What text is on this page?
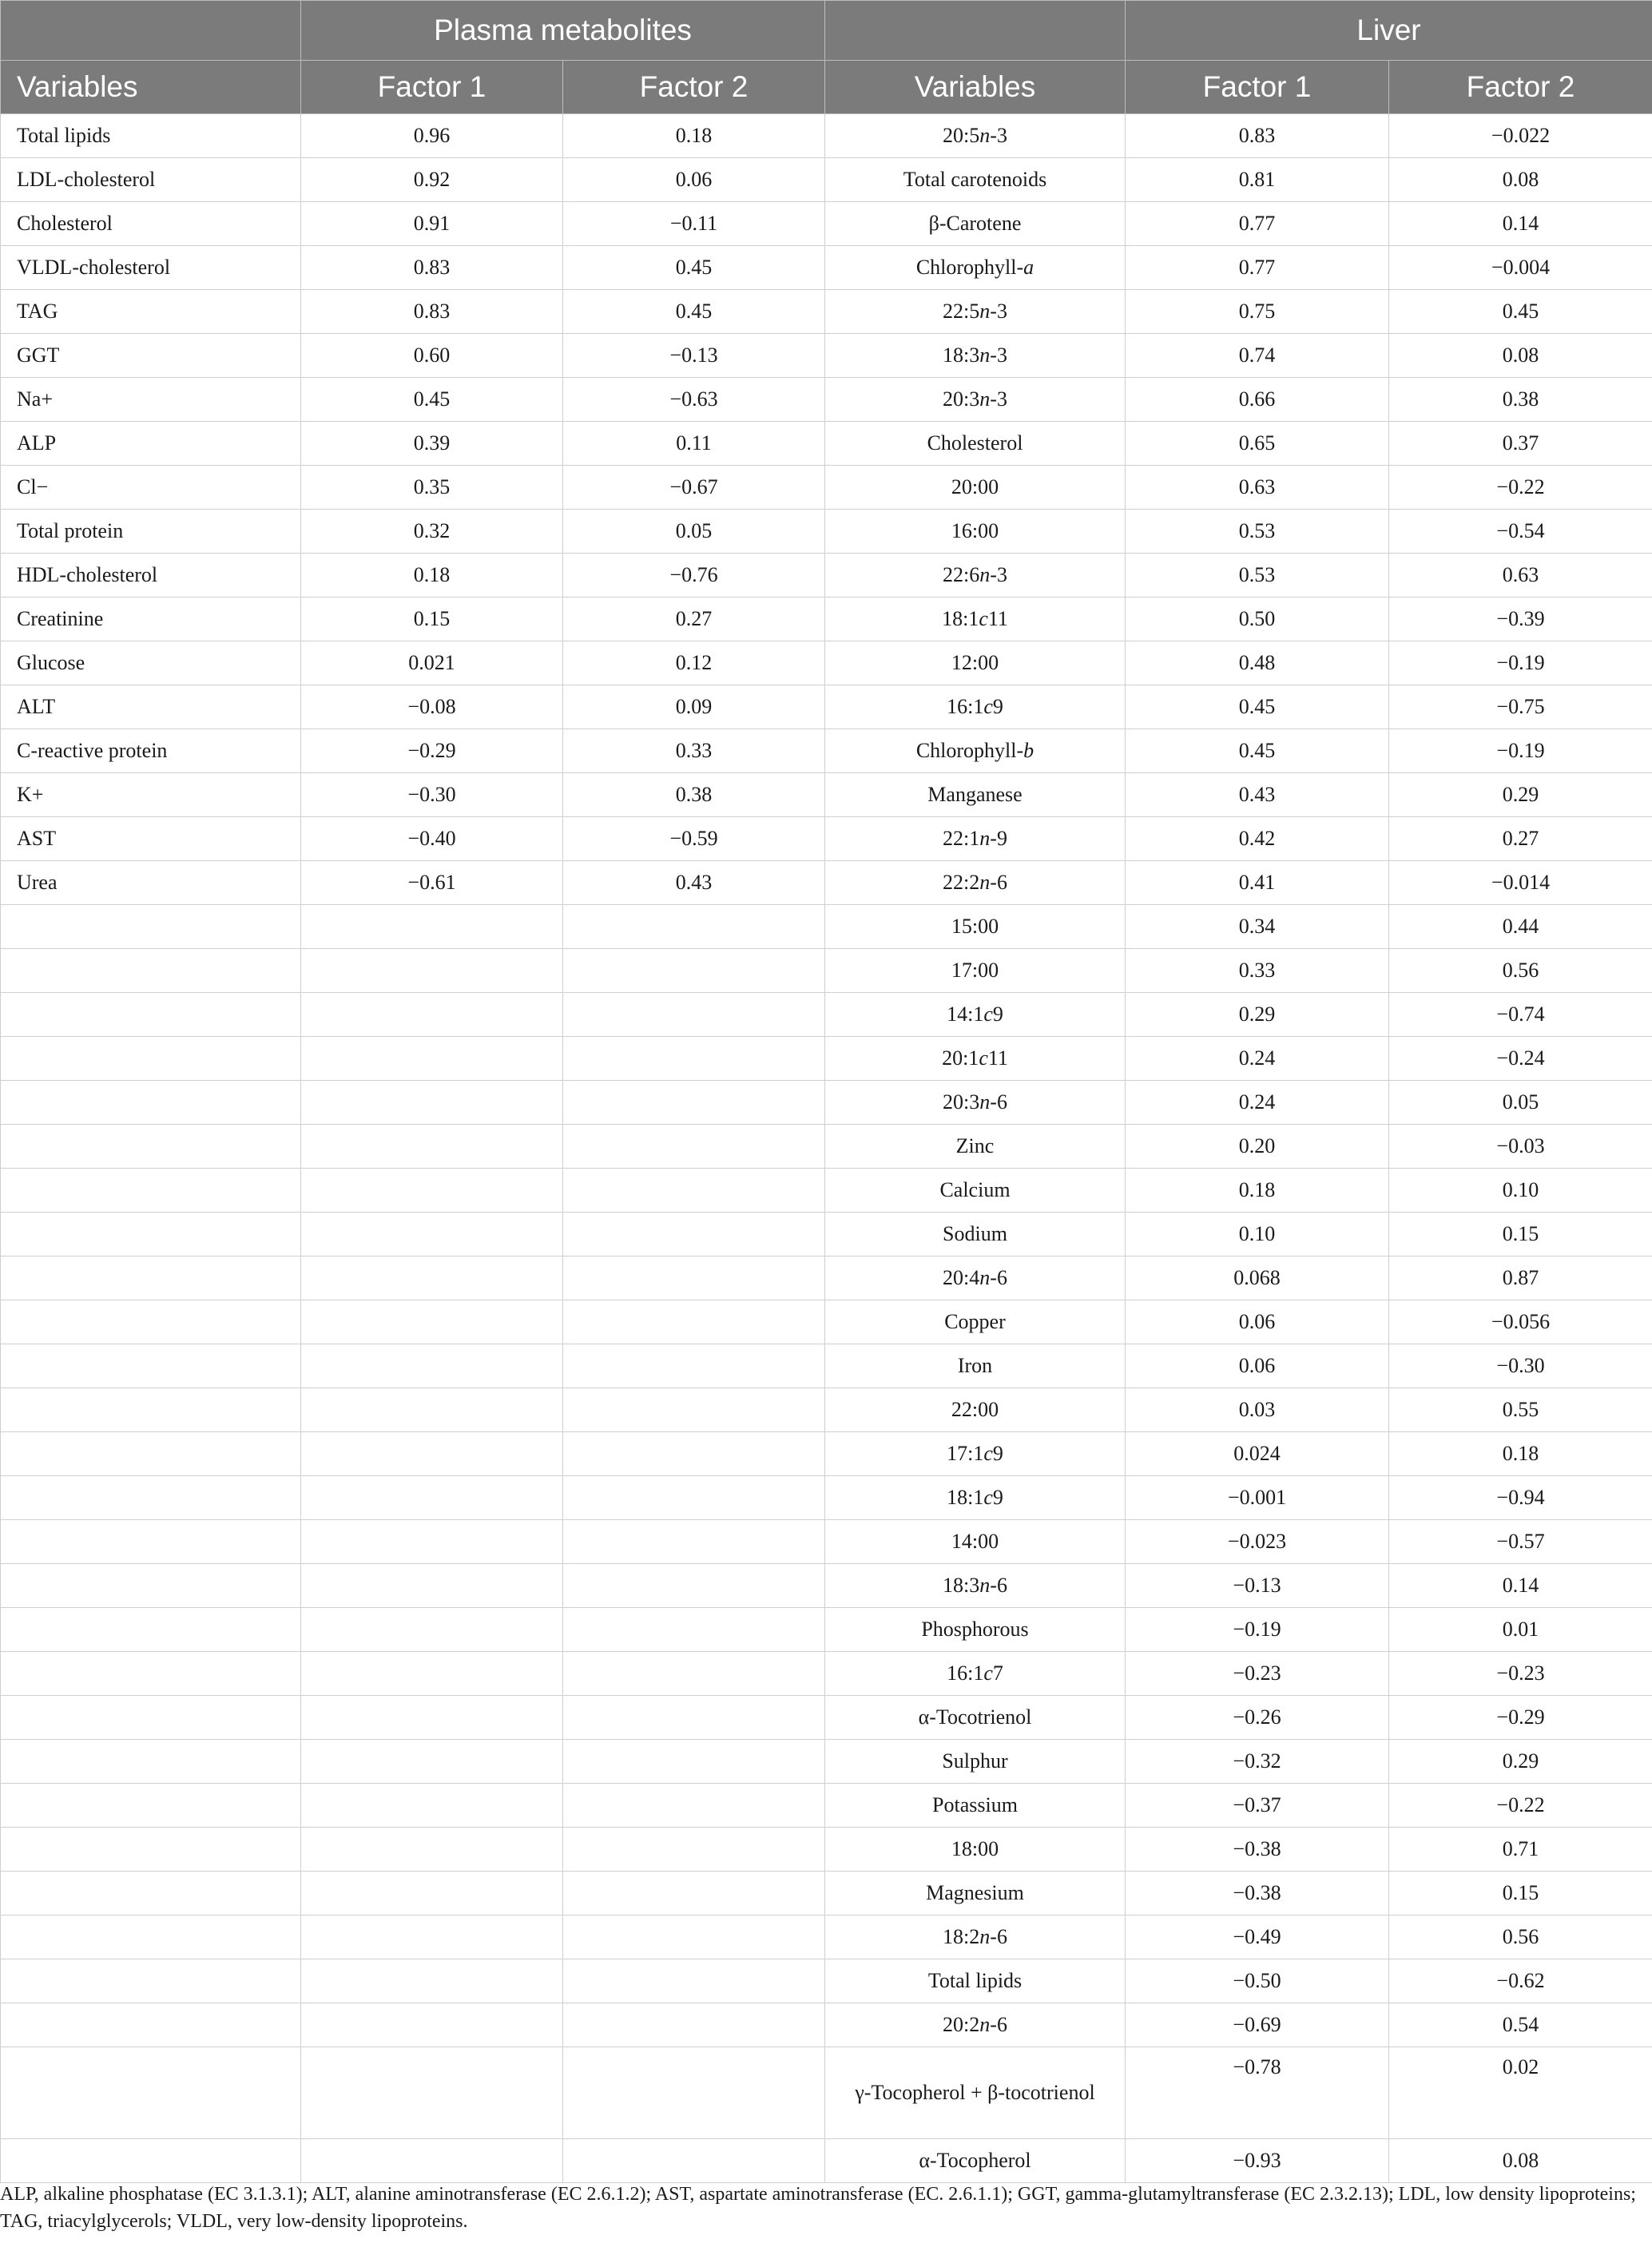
	Plasma metabolites			Liver	
Variables	Factor 1	Factor 2	Variables	Factor 1	Factor 2
Total lipids	0.96	0.18	20:5n-3	0.83	−0.022
LDL-cholesterol	0.92	0.06	Total carotenoids	0.81	0.08
Cholesterol	0.91	−0.11	β-Carotene	0.77	0.14
VLDL-cholesterol	0.83	0.45	Chlorophyll-a	0.77	−0.004
TAG	0.83	0.45	22:5n-3	0.75	0.45
GGT	0.60	−0.13	18:3n-3	0.74	0.08
Na+	0.45	−0.63	20:3n-3	0.66	0.38
ALP	0.39	0.11	Cholesterol	0.65	0.37
Cl−	0.35	−0.67	20:00	0.63	−0.22
Total protein	0.32	0.05	16:00	0.53	−0.54
HDL-cholesterol	0.18	−0.76	22:6n-3	0.53	0.63
Creatinine	0.15	0.27	18:1c11	0.50	−0.39
Glucose	0.021	0.12	12:00	0.48	−0.19
ALT	−0.08	0.09	16:1c9	0.45	−0.75
C-reactive protein	−0.29	0.33	Chlorophyll-b	0.45	−0.19
K+	−0.30	0.38	Manganese	0.43	0.29
AST	−0.40	−0.59	22:1n-9	0.42	0.27
Urea	−0.61	0.43	22:2n-6	0.41	−0.014
			15:00	0.34	0.44
			17:00	0.33	0.56
			14:1c9	0.29	−0.74
			20:1c11	0.24	−0.24
			20:3n-6	0.24	0.05
			Zinc	0.20	−0.03
			Calcium	0.18	0.10
			Sodium	0.10	0.15
			20:4n-6	0.068	0.87
			Copper	0.06	−0.056
			Iron	0.06	−0.30
			22:00	0.03	0.55
			17:1c9	0.024	0.18
			18:1c9	−0.001	−0.94
			14:00	−0.023	−0.57
			18:3n-6	−0.13	0.14
			Phosphorous	−0.19	0.01
			16:1c7	−0.23	−0.23
			α-Tocotrienol	−0.26	−0.29
			Sulphur	−0.32	0.29
			Potassium	−0.37	−0.22
			18:00	−0.38	0.71
			Magnesium	−0.38	0.15
			18:2n-6	−0.49	0.56
			Total lipids	−0.50	−0.62
			20:2n-6	−0.69	0.54
			γ-Tocopherol + β-tocotrienol	−0.78	0.02
			α-Tocopherol	−0.93	0.08
ALP, alkaline phosphatase (EC 3.1.3.1); ALT, alanine aminotransferase (EC 2.6.1.2); AST, aspartate aminotransferase (EC. 2.6.1.1); GGT, gamma-glutamyltransferase (EC 2.3.2.13); LDL, low density lipoproteins; TAG, triacylglycerols; VLDL, very low-density lipoproteins.
